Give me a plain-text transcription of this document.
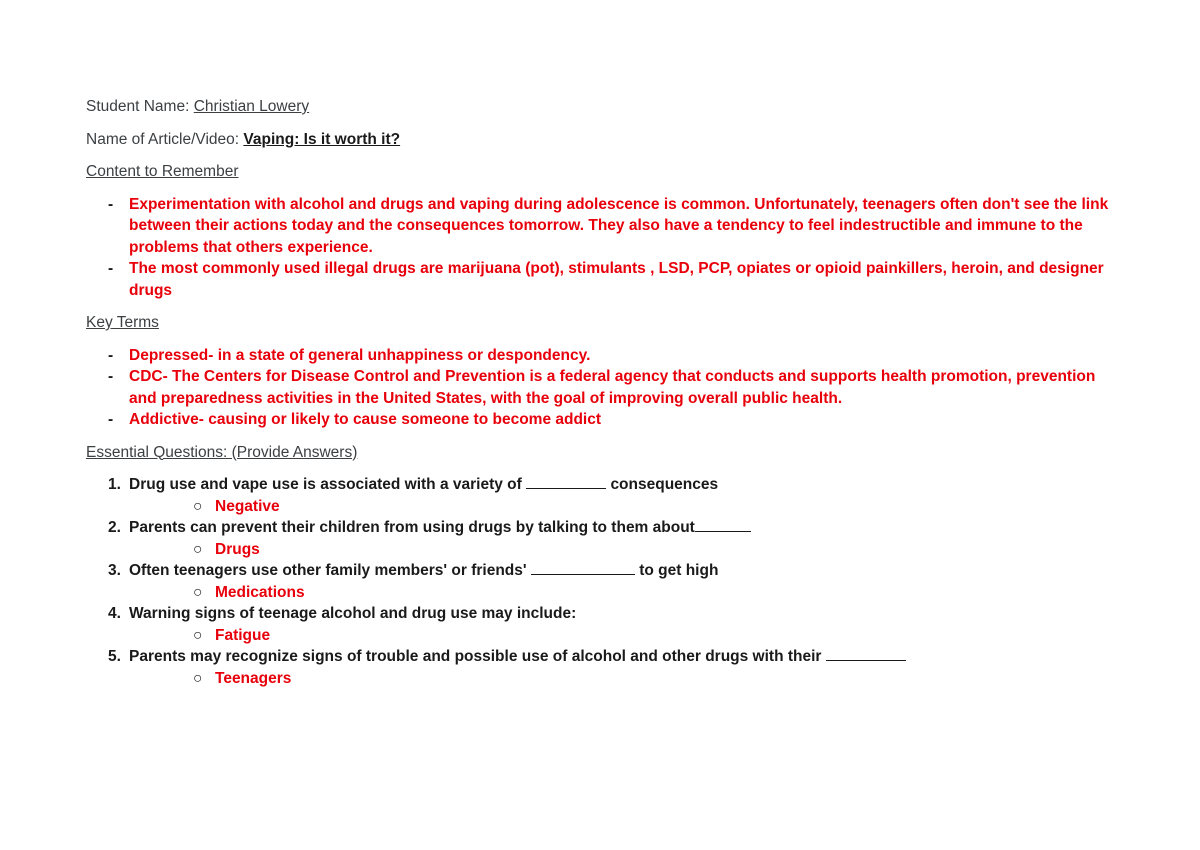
Student Name: Christian Lowery
Name of Article/Video: Vaping: Is it worth it?
Content to Remember
- Experimentation with alcohol and drugs and vaping during adolescence is common. Unfortunately, teenagers often don't see the link between their actions today and the consequences tomorrow. They also have a tendency to feel indestructible and immune to the problems that others experience.
- The most commonly used illegal drugs are marijuana (pot), stimulants , LSD, PCP, opiates or opioid painkillers, heroin, and designer drugs
Key Terms
- Depressed- in a state of general unhappiness or despondency.
- CDC- The Centers for Disease Control and Prevention is a federal agency that conducts and supports health promotion, prevention and preparedness activities in the United States, with the goal of improving overall public health.
- Addictive- causing or likely to cause someone to become addict
Essential Questions: (Provide Answers)
1. Drug use and vape use is associated with a variety of	consequences
○ Negative
2. Parents can prevent their children from using drugs by talking to them about
○ Drugs
3. Often teenagers use other family members' or friends'	to get high
○ Medications
4. Warning signs of teenage alcohol and drug use may include:
○ Fatigue
5. Parents may recognize signs of trouble and possible use of alcohol and other drugs with their
○ Teenagers
